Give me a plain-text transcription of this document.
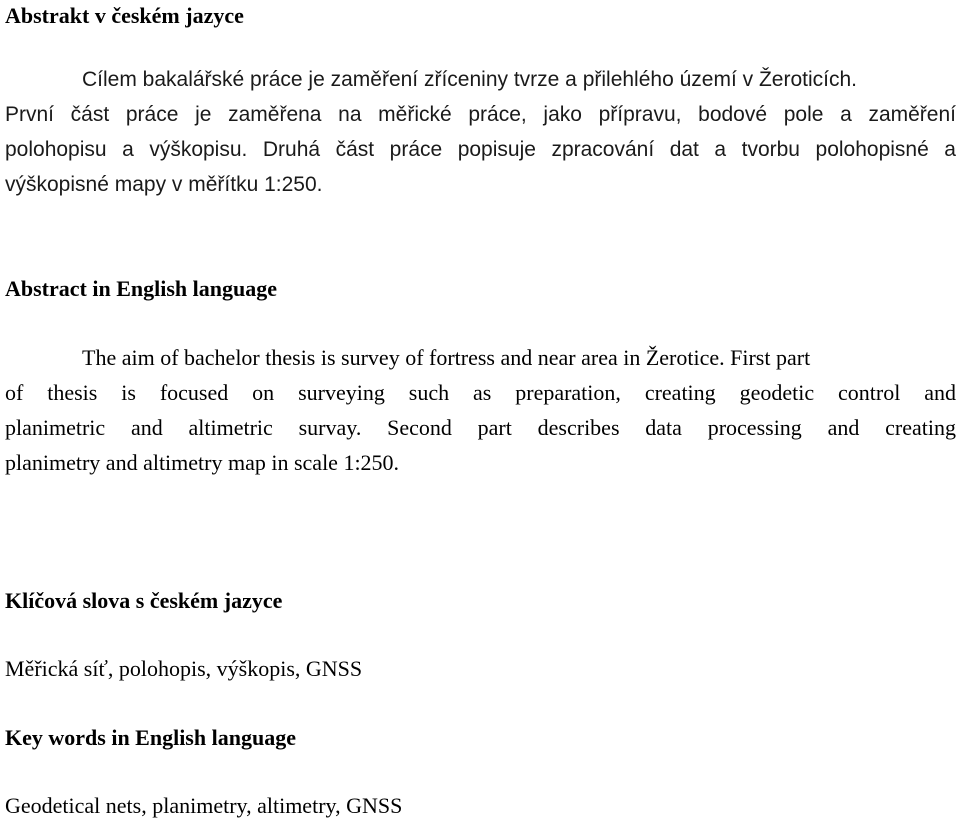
Abstrakt v českém jazyce
Cílem bakalářské práce je zaměření zříceniny tvrze a přilehlého území v Žeroticích.
První část práce je zaměřena na měřické práce, jako přípravu, bodové pole a zaměření
polohopisu a výškopisu. Druhá část práce popisuje zpracování dat a tvorbu polohopisné a
výškopisné mapy v měřítku 1:250.
Abstract in English language
The aim of bachelor thesis is survey of fortress and near area in Žerotice. First part
of thesis is focused on surveying such as preparation, creating geodetic control and
planimetric and altimetric survay. Second part describes data processing and creating
planimetry and altimetry map in scale 1:250.
Klíčová slova s českém jazyce

Měřická síť, polohopis, výškopis, GNSS

Key words in English language

Geodetical nets, planimetry, altimetry, GNSS
